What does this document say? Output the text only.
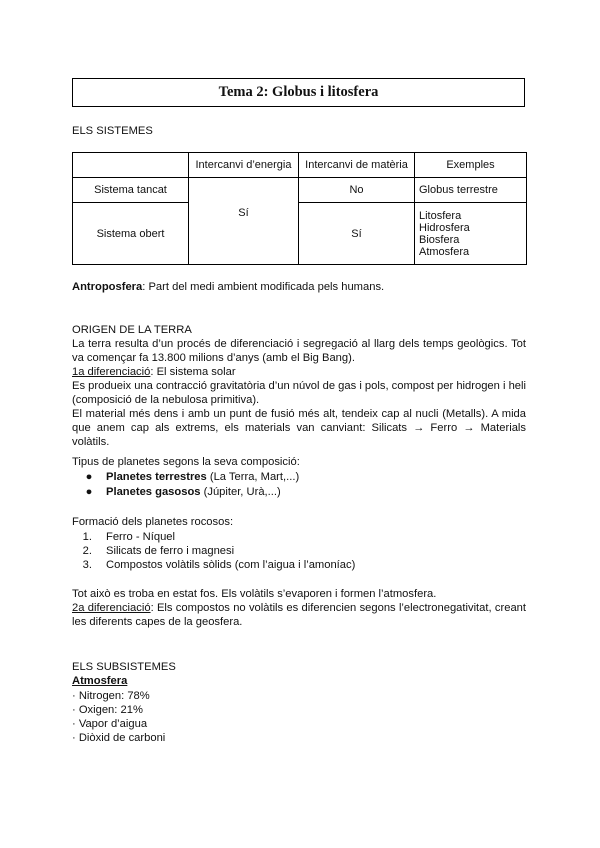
Tema 2: Globus i litosfera
ELS SISTEMES
	Intercanvi d’energia	Intercanvi de matèria	Exemples
Sistema tancat	Sí	No	Globus terrestre
Sistema obert		Sí	Litosfera
Hidrosfera
Biosfera
Atmosfera
Antroposfera: Part del medi ambient modificada pels humans.
ORIGEN DE LA TERRA
La terra resulta d’un procés de diferenciació i segregació al llarg dels temps geològics. Tot va començar fa 13.800 milions d’anys (amb el Big Bang).
1a diferenciació: El sistema solar
Es produeix una contracció gravitatòria d’un núvol de gas i pols, compost per hidrogen i heli (composició de la nebulosa primitiva).
El material més dens i amb un punt de fusió més alt, tendeix cap al nucli (Metalls). A mida que anem cap als extrems, els materials van canviant: Silicats → Ferro → Materials volàtils.
Tipus de planetes segons la seva composició:
● Planetes terrestres (La Terra, Mart,...)
● Planetes gasosos (Júpiter, Urà,...)
Formació dels planetes rocosos:
1. Ferro - Níquel
2. Silicats de ferro i magnesi
3. Compostos volàtils sòlids (com l’aigua i l’amoníac)
Tot això es troba en estat fos. Els volàtils s’evaporen i formen l’atmosfera.
2a diferenciació: Els compostos no volàtils es diferencien segons l’electronegativitat, creant les diferents capes de la geosfera.
ELS SUBSISTEMES
Atmosfera
· Nitrogen: 78%
· Oxigen: 21%
· Vapor d’aigua
· Diòxid de carboni
